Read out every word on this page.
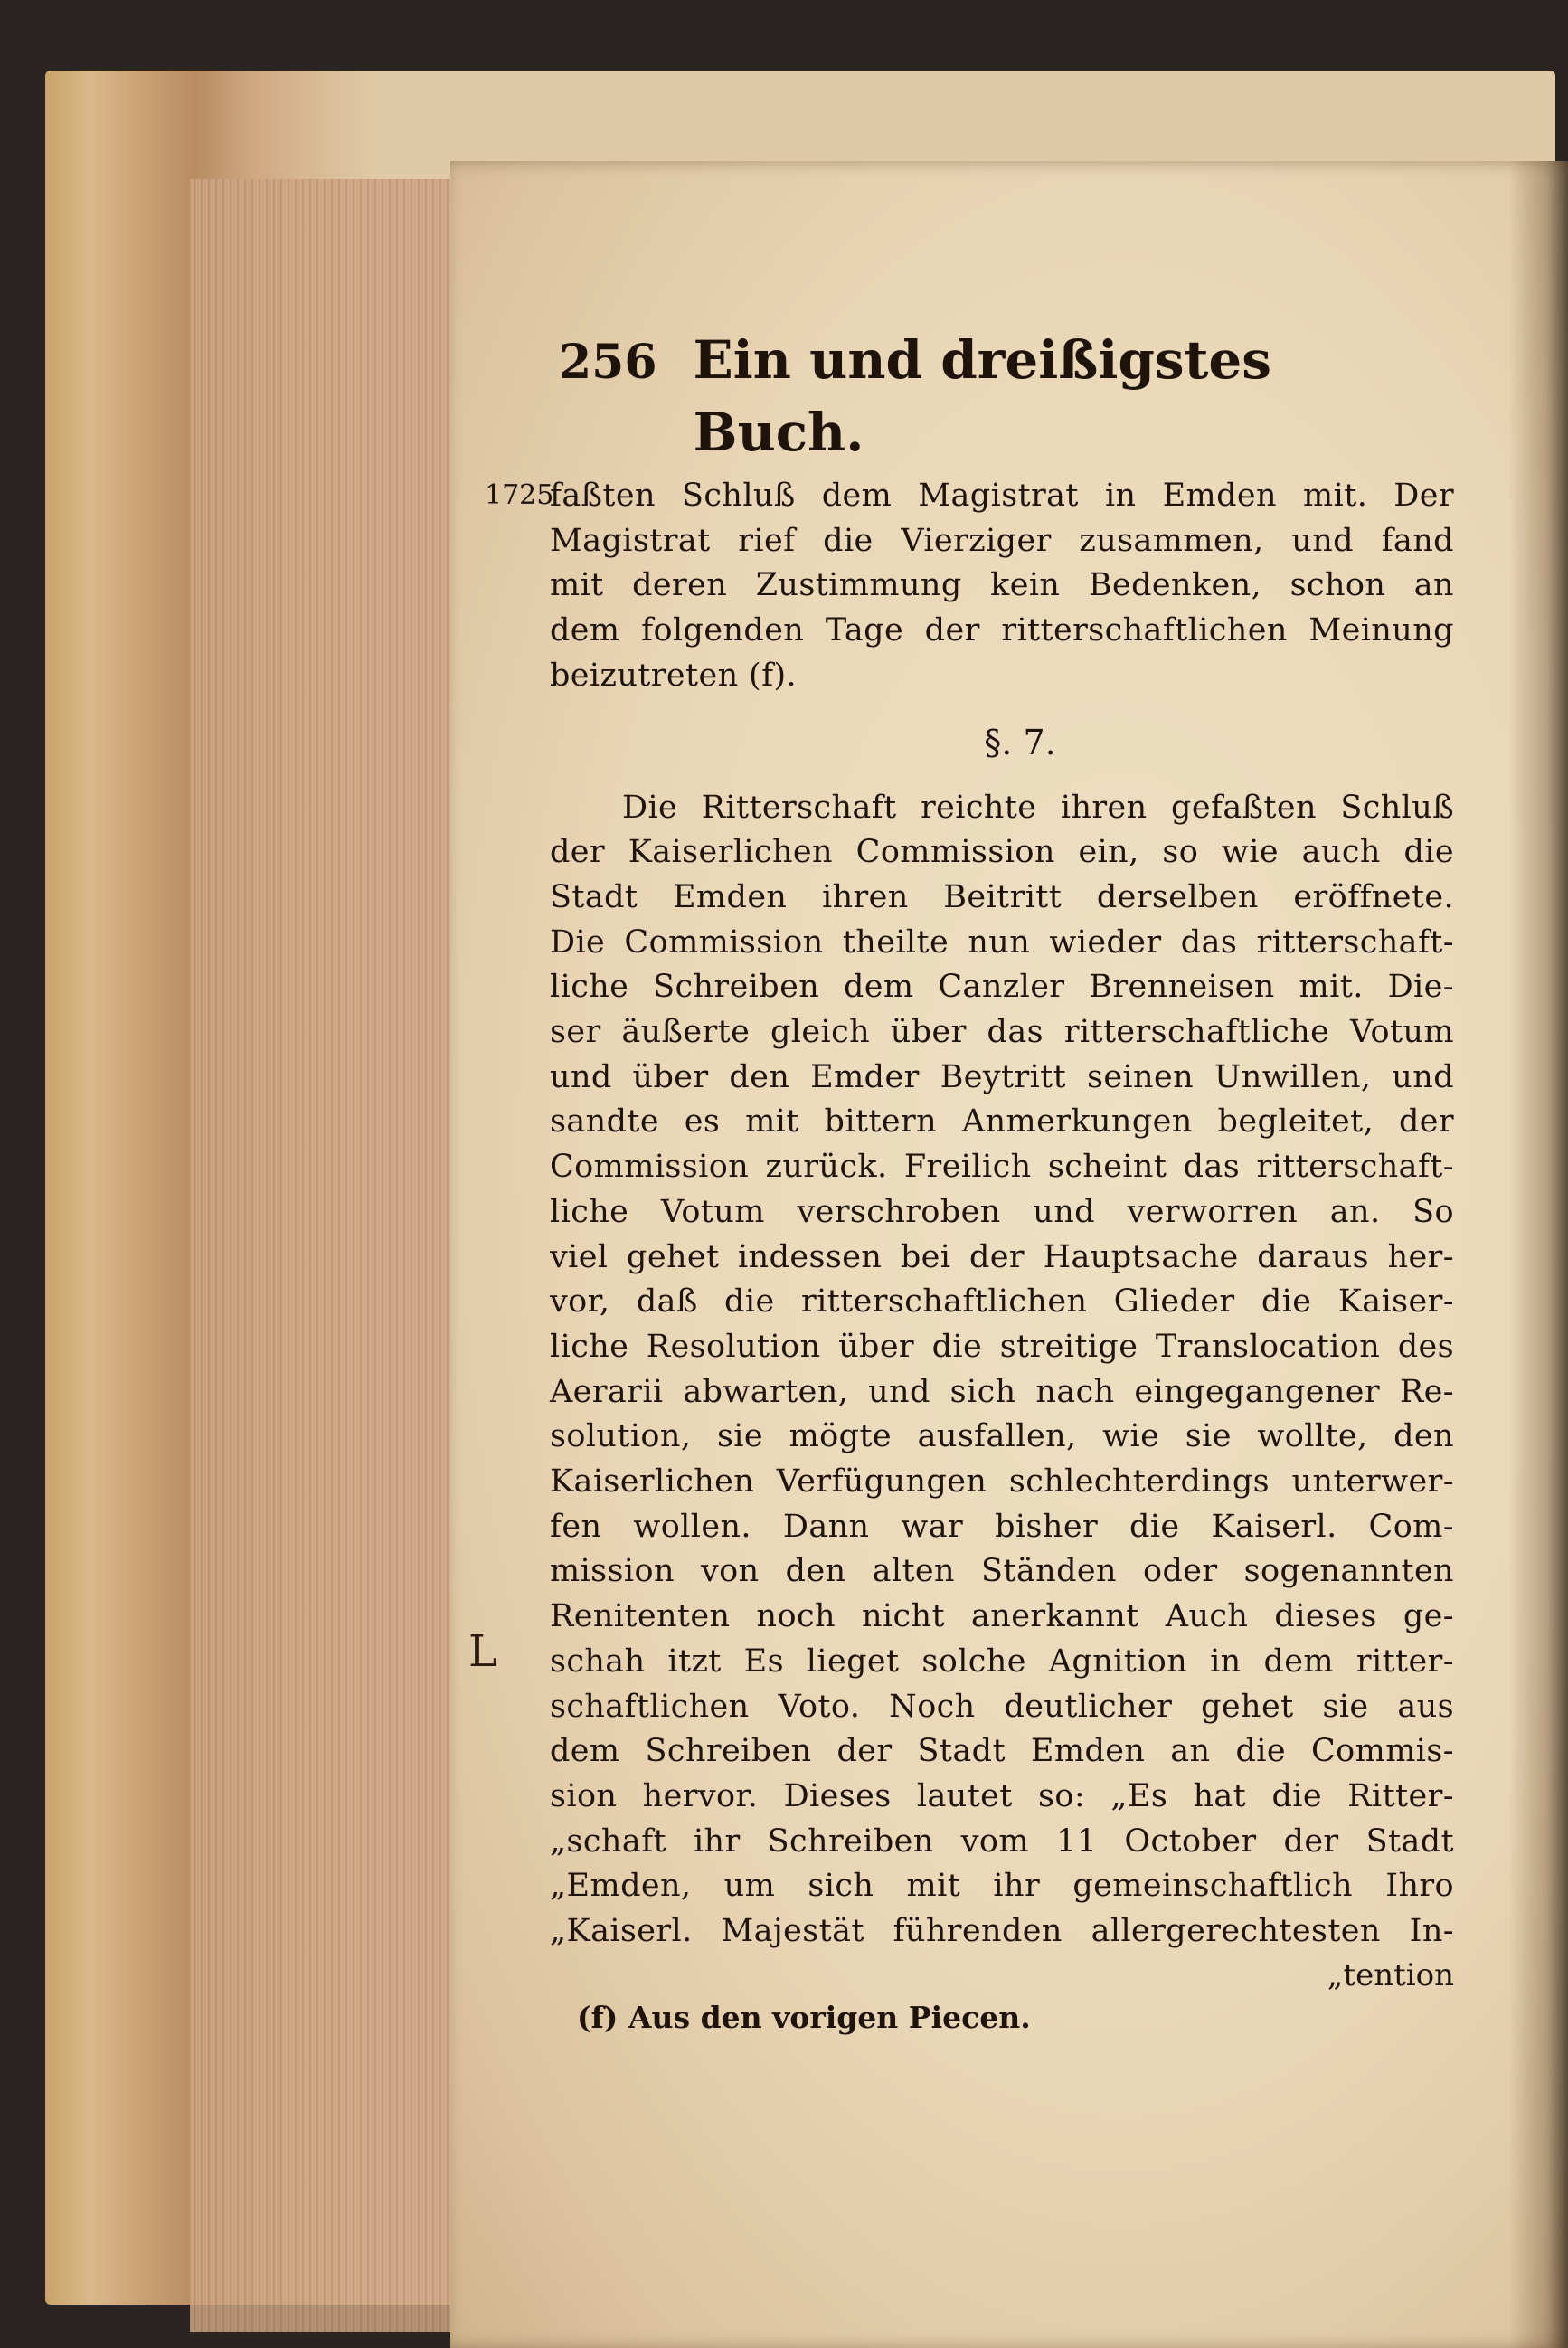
L
256 Ein und dreißigstes Buch.
1725
faßten Schluß dem Magistrat in Emden mit. Der
Magistrat rief die Vierziger zusammen, und fand
mit deren Zustimmung kein Bedenken, schon an
dem folgenden Tage der ritterschaftlichen Meinung
beizutreten (f).
§. 7.
Die Ritterschaft reichte ihren gefaßten Schluß
der Kaiserlichen Commission ein, so wie auch die
Stadt Emden ihren Beitritt derselben eröffnete.
Die Commission theilte nun wieder das ritterschaft-
liche Schreiben dem Canzler Brenneisen mit. Die-
ser äußerte gleich über das ritterschaftliche Votum
und über den Emder Beytritt seinen Unwillen, und
sandte es mit bittern Anmerkungen begleitet, der
Commission zurück. Freilich scheint das ritterschaft-
liche Votum verschroben und verworren an. So
viel gehet indessen bei der Hauptsache daraus her-
vor, daß die ritterschaftlichen Glieder die Kaiser-
liche Resolution über die streitige Translocation des
Aerarii abwarten, und sich nach eingegangener Re-
solution, sie mögte ausfallen, wie sie wollte, den
Kaiserlichen Verfügungen schlechterdings unterwer-
fen wollen. Dann war bisher die Kaiserl. Com-
mission von den alten Ständen oder sogenannten
Renitenten noch nicht anerkannt Auch dieses ge-
schah itzt Es lieget solche Agnition in dem ritter-
schaftlichen Voto. Noch deutlicher gehet sie aus
dem Schreiben der Stadt Emden an die Commis-
sion hervor. Dieses lautet so: „Es hat die Ritter-
„schaft ihr Schreiben vom 11 October der Stadt
„Emden, um sich mit ihr gemeinschaftlich Ihro
„Kaiserl. Majestät führenden allergerechtesten In-
„tention
(f) Aus den vorigen Piecen.
